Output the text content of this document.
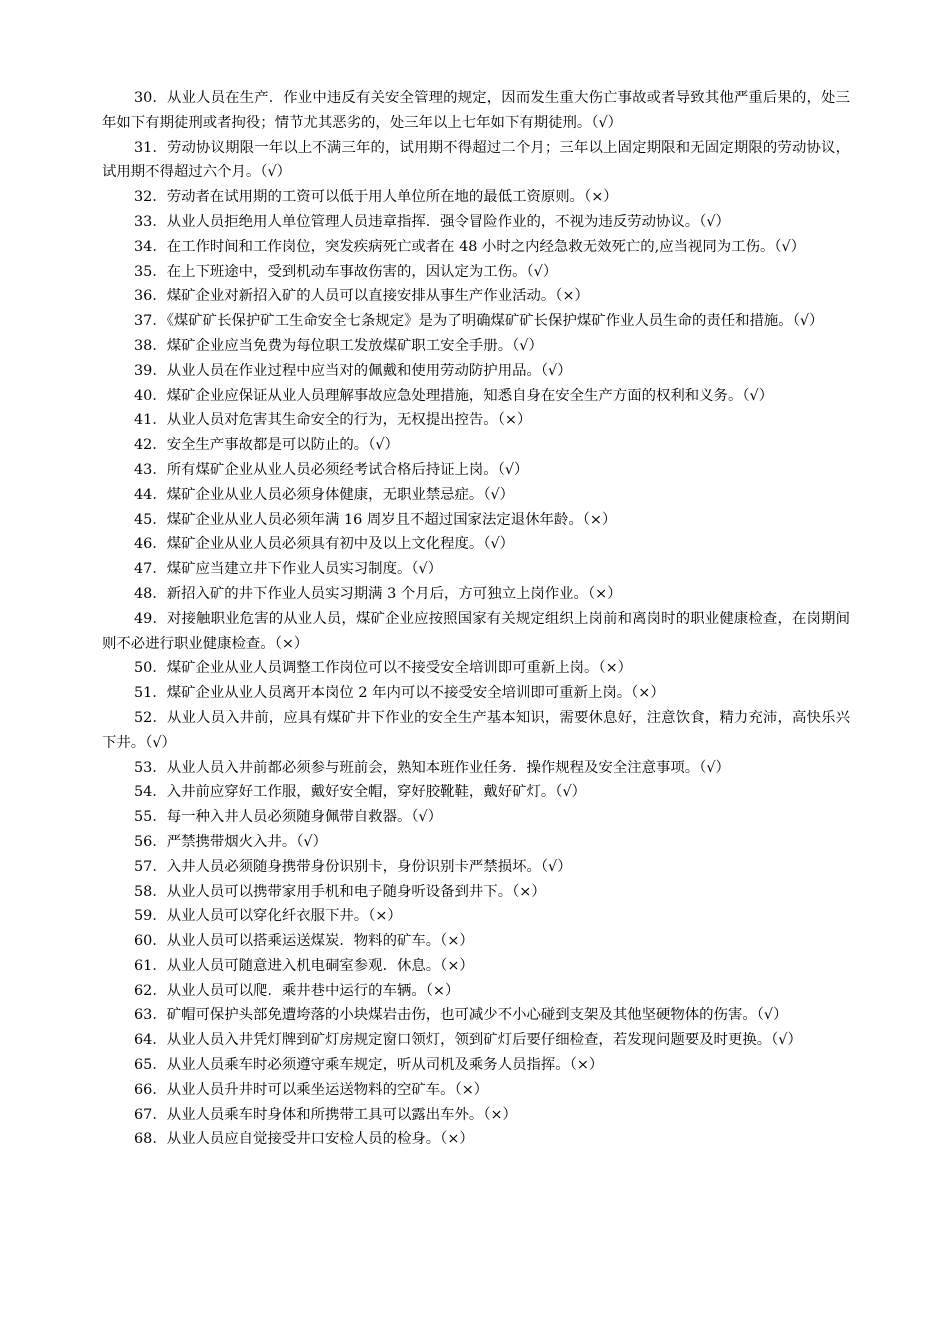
30．从业人员在生产．作业中违反有关安全管理的规定，因而发生重大伤亡事故或者导致其他严重后果的，处三年如下有期徒刑或者拘役；情节尤其恶劣的，处三年以上七年如下有期徒刑。（√）

31．劳动协议期限一年以上不满三年的，试用期不得超过二个月；三年以上固定期限和无固定期限的劳动协议，试用期不得超过六个月。（√）

32．劳动者在试用期的工资可以低于用人单位所在地的最低工资原则。（×）

33．从业人员拒绝用人单位管理人员违章指挥．强令冒险作业的，不视为违反劳动协议。（√）

34．在工作时间和工作岗位，突发疾病死亡或者在 48 小时之内经急救无效死亡的,应当视同为工伤。（√）

35．在上下班途中，受到机动车事故伤害的，因认定为工伤。（√）

36．煤矿企业对新招入矿的人员可以直接安排从事生产作业活动。（×）

37．《煤矿矿长保护矿工生命安全七条规定》是为了明确煤矿矿长保护煤矿作业人员生命的责任和措施。（√）

38．煤矿企业应当免费为每位职工发放煤矿职工安全手册。（√）

39．从业人员在作业过程中应当对的佩戴和使用劳动防护用品。（√）

40．煤矿企业应保证从业人员理解事故应急处理措施，知悉自身在安全生产方面的权利和义务。（√）

41．从业人员对危害其生命安全的行为，无权提出控告。（×）

42．安全生产事故都是可以防止的。（√）

43．所有煤矿企业从业人员必须经考试合格后持证上岗。（√）

44．煤矿企业从业人员必须身体健康，无职业禁忌症。（√）

45．煤矿企业从业人员必须年满 16 周岁且不超过国家法定退休年龄。（×）

46．煤矿企业从业人员必须具有初中及以上文化程度。（√）

47．煤矿应当建立井下作业人员实习制度。（√）

48．新招入矿的井下作业人员实习期满 3 个月后，方可独立上岗作业。（×）

49．对接触职业危害的从业人员，煤矿企业应按照国家有关规定组织上岗前和离岗时的职业健康检查，在岗期间则不必进行职业健康检查。（×）

50．煤矿企业从业人员调整工作岗位可以不接受安全培训即可重新上岗。（×）

51．煤矿企业从业人员离开本岗位 2 年内可以不接受安全培训即可重新上岗。（×）

52．从业人员入井前，应具有煤矿井下作业的安全生产基本知识，需要休息好，注意饮食，精力充沛，高快乐兴下井。（√）

53．从业人员入井前都必须参与班前会，熟知本班作业任务．操作规程及安全注意事项。（√）

54．入井前应穿好工作服，戴好安全帽，穿好胶靴鞋，戴好矿灯。（√）

55．每一种入井人员必须随身佩带自救器。（√）

56．严禁携带烟火入井。（√）

57．入井人员必须随身携带身份识别卡，身份识别卡严禁损坏。（√）

58．从业人员可以携带家用手机和电子随身听设备到井下。（×）

59．从业人员可以穿化纤衣服下井。（×）

60．从业人员可以搭乘运送煤炭．物料的矿车。（×）

61．从业人员可随意进入机电硐室参观．休息。（×）

62．从业人员可以爬．乘井巷中运行的车辆。（×）

63．矿帽可保护头部免遭垮落的小块煤岩击伤，也可减少不小心碰到支架及其他坚硬物体的伤害。（√）

64．从业人员入井凭灯牌到矿灯房规定窗口领灯，领到矿灯后要仔细检查，若发现问题要及时更换。（√）

65．从业人员乘车时必须遵守乘车规定，听从司机及乘务人员指挥。（×）

66．从业人员升井时可以乘坐运送物料的空矿车。（×）

67．从业人员乘车时身体和所携带工具可以露出车外。（×）

68．从业人员应自觉接受井口安检人员的检身。（×）
